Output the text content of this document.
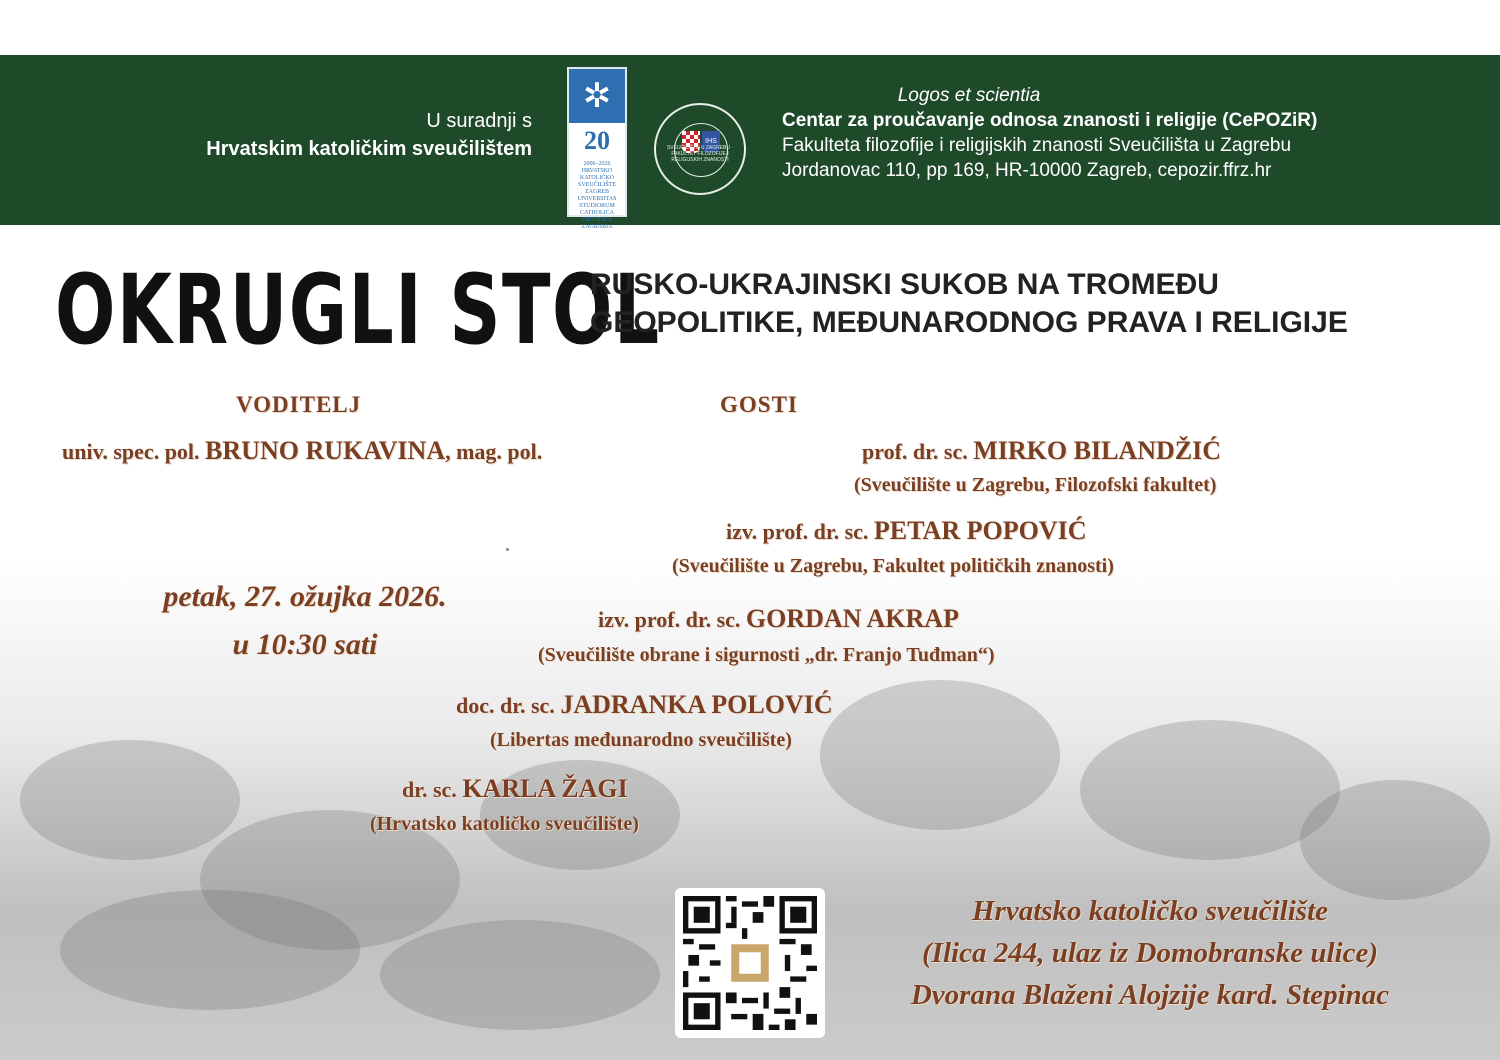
U suradnji s
Hrvatskim katoličkim sveučilištem
✲
20
2006–2026 HRVATSKO KATOLIČKO SVEUČILIŠTE ZAGREB UNIVERSITAS STUDIORUM CATHOLICA CROATICA ZAGRABIA
IHS
SVEUČILIŠTE U ZAGREBU · FAKULTET FILOZOFIJE I RELIGIJSKIH ZNANOSTI
Logos et scientia
Centar za proučavanje odnosa znanosti i religije (CePOZiR)
Fakulteta filozofije i religijskih znanosti Sveučilišta u Zagrebu
Jordanovac 110, pp 169, HR-10000 Zagreb, cepozir.ffrz.hr
OKRUGLI STOL
RUSKO-UKRAJINSKI SUKOB NA TROMEĐU
GEOPOLITIKE, MEĐUNARODNOG PRAVA I RELIGIJE
VODITELJ
univ. spec. pol. BRUNO RUKAVINA, mag. pol.
GOSTI
prof. dr. sc. MIRKO BILANDŽIĆ
(Sveučilište u Zagrebu, Filozofski fakultet)
izv. prof. dr. sc. PETAR POPOVIĆ
(Sveučilište u Zagrebu, Fakultet političkih znanosti)
izv. prof. dr. sc. GORDAN AKRAP
(Sveučilište obrane i sigurnosti „dr. Franjo Tuđman“)
doc. dr. sc. JADRANKA POLOVIĆ
(Libertas međunarodno sveučilište)
dr. sc. KARLA ŽAGI
(Hrvatsko katoličko sveučilište)
petak, 27. ožujka 2026.
u 10:30 sati
Hrvatsko katoličko sveučilište
(Ilica 244, ulaz iz Domobranske ulice)
Dvorana Blaženi Alojzije kard. Stepinac
